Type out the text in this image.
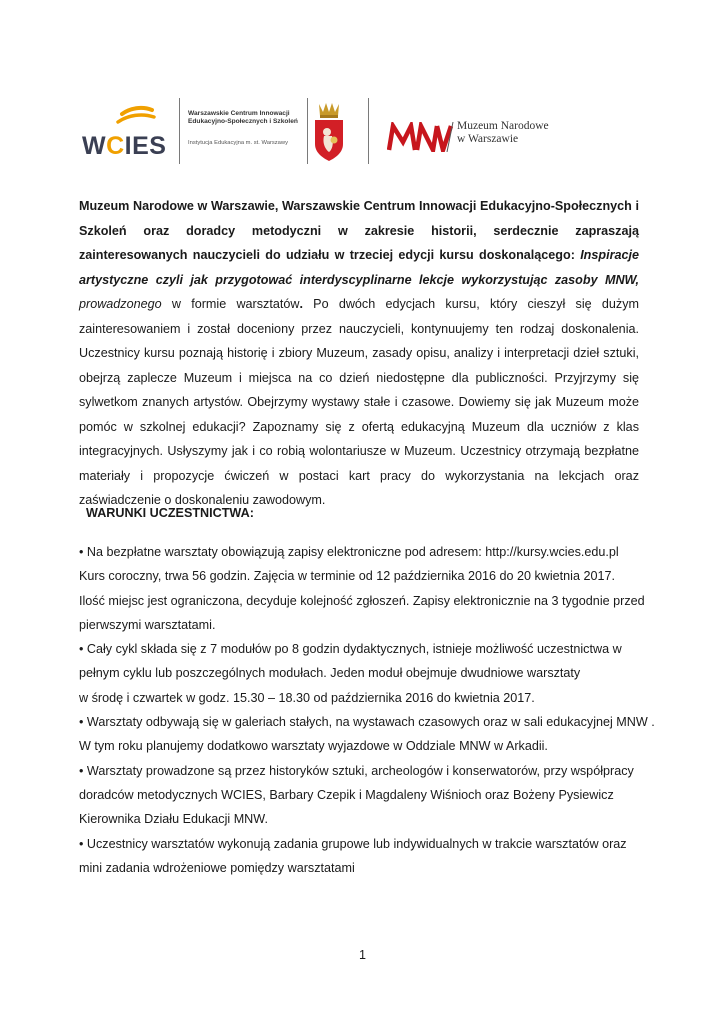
WCIES
Warszawskie Centrum Innowacji
Edukacyjno-Społecznych i Szkoleń
Instytucja Edukacyjna m. st. Warszawy
Muzeum Narodowe
w Warszawie

Muzeum Narodowe w Warszawie, Warszawskie Centrum Innowacji Edukacyjno-Społecznych i Szkoleń oraz doradcy metodyczni w zakresie historii, serdecznie zapraszają zainteresowanych nauczycieli do udziału w trzeciej edycji kursu doskonalącego: Inspiracje artystyczne czyli jak przygotować interdyscyplinarne lekcje wykorzystując zasoby MNW, prowadzonego w formie warsztatów. Po dwóch edycjach kursu, który cieszył się dużym zainteresowaniem i został doceniony przez nauczycieli, kontynuujemy ten rodzaj doskonalenia. Uczestnicy kursu poznają historię i zbiory Muzeum, zasady opisu, analizy i interpretacji dzieł sztuki, obejrzą zaplecze Muzeum i miejsca na co dzień niedostępne dla publiczności. Przyjrzymy się sylwetkom znanych artystów. Obejrzymy wystawy stałe i czasowe. Dowiemy się jak Muzeum może pomóc w szkolnej edukacji? Zapoznamy się z ofertą edukacyjną Muzeum dla uczniów z klas integracyjnych. Usłyszymy jak i co robią wolontariusze w Muzeum. Uczestnicy otrzymają bezpłatne materiały i propozycje ćwiczeń w postaci kart pracy do wykorzystania na lekcjach oraz zaświadczenie o doskonaleniu zawodowym.

WARUNKI UCZESTNICTWA:
• Na bezpłatne warsztaty obowiązują zapisy elektroniczne pod adresem: http://kursy.wcies.edu.pl
Kurs coroczny, trwa 56 godzin. Zajęcia w terminie od 12 października 2016 do 20 kwietnia 2017.
Ilość miejsc jest ograniczona, decyduje kolejność zgłoszeń. Zapisy elektronicznie na 3 tygodnie przed
pierwszymi warsztatami.
• Cały cykl składa się z 7 modułów po 8 godzin dydaktycznych, istnieje możliwość uczestnictwa w
pełnym cyklu lub poszczególnych modułach. Jeden moduł obejmuje dwudniowe warsztaty
w środę i czwartek w godz. 15.30 – 18.30 od października 2016 do kwietnia 2017.
• Warsztaty odbywają się w galeriach stałych, na wystawach czasowych oraz w sali edukacyjnej MNW .
W tym roku planujemy dodatkowo warsztaty wyjazdowe w Oddziale MNW w Arkadii.
• Warsztaty prowadzone są przez historyków sztuki, archeologów i konserwatorów, przy współpracy
doradców metodycznych WCIES, Barbary Czepik i Magdaleny Wiśnioch oraz Bożeny Pysiewicz
Kierownika Działu Edukacji MNW.
• Uczestnicy warsztatów wykonują zadania grupowe lub indywidualnych w trakcie warsztatów oraz
mini zadania wdrożeniowe pomiędzy warsztatami
1
